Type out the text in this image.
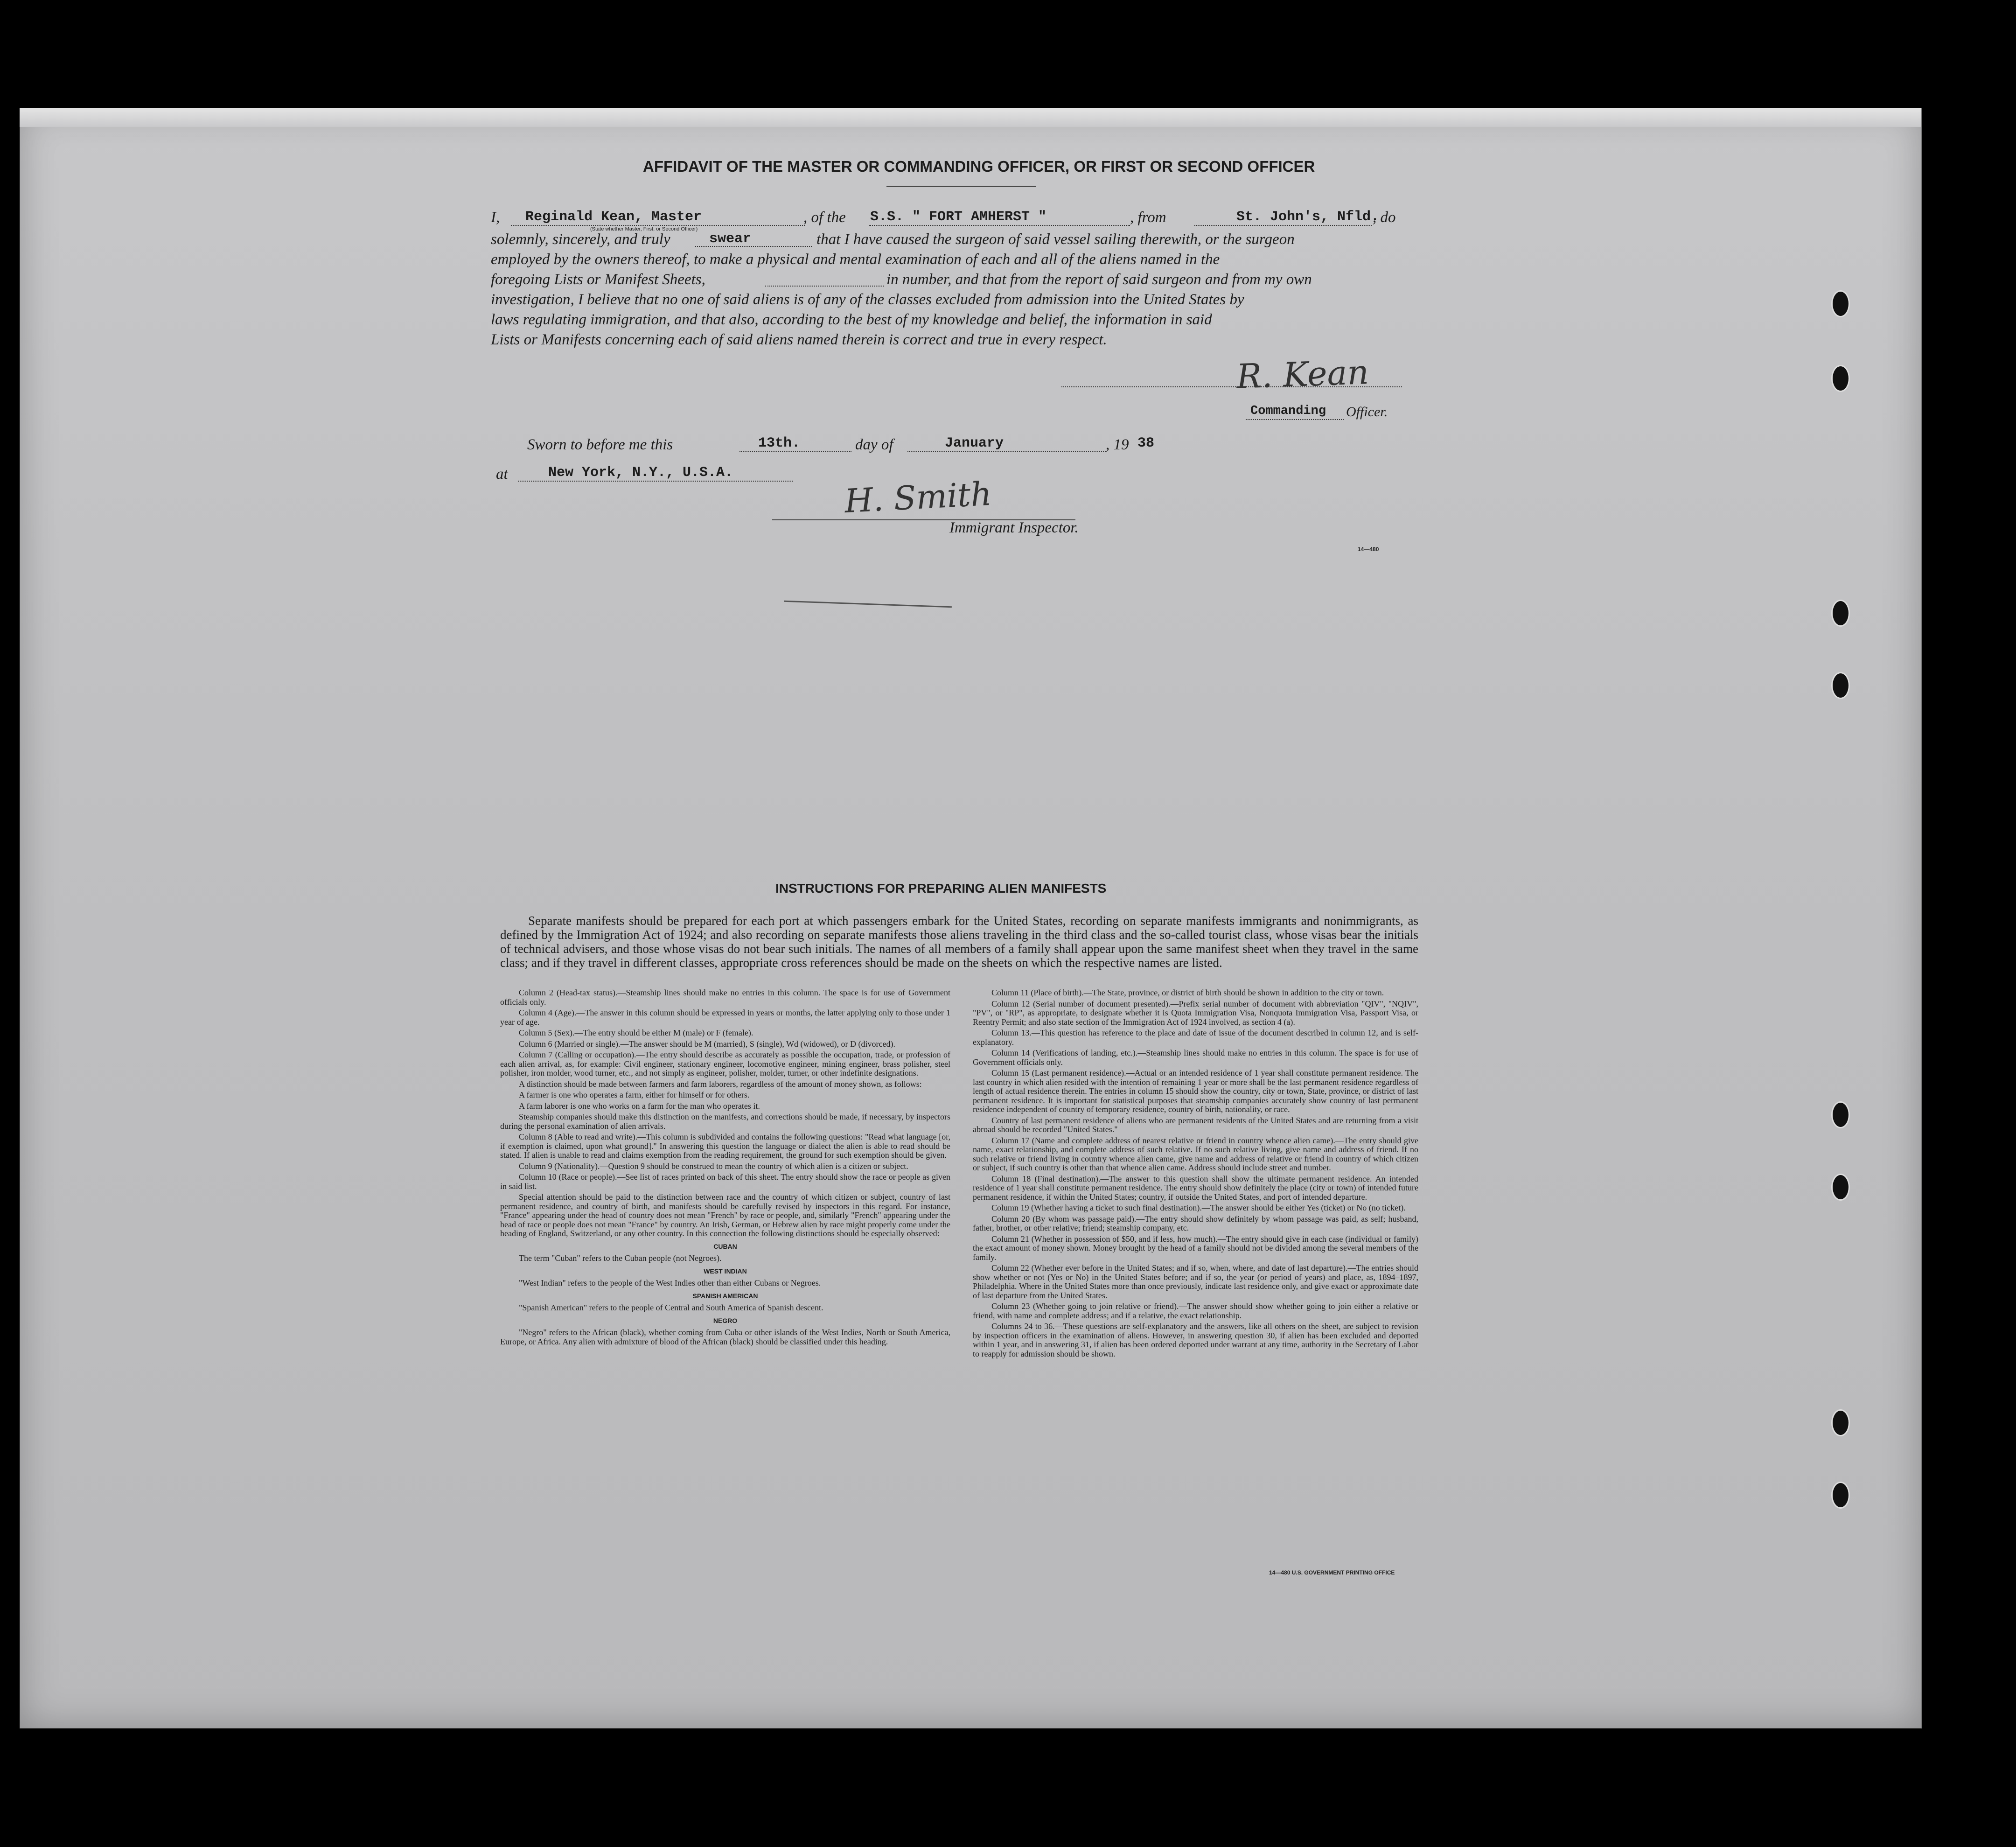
AFFIDAVIT OF THE MASTER OR COMMANDING OFFICER, OR FIRST OR SECOND OFFICER
I, Reginald Kean, Master
(State whether Master, First, or Second Officer)
, of the S.S. " FORT AMHERST "	, from	St. John's, Nfld.
, do
solemnly, sincerely, and truly	swear	that I have caused the surgeon of said vessel sailing therewith, or the surgeon
employed by the owners thereof, to make a physical and mental examination of each and all of the aliens named in the
foregoing Lists or Manifest Sheets,	in number, and that from the report of said surgeon and from my own
investigation, I believe that no one of said aliens is of any of the classes excluded from admission into the United States by
laws regulating immigration, and that also, according to the best of my knowledge and belief, the information in said
Lists or Manifests concerning each of said aliens named therein is correct and true in every respect.
R. Kean
Commanding Officer.
Sworn to before me this	13th.	day of	January	, 19 38
at	New York, N.Y., U.S.A.
H. Smith
Immigrant Inspector.
14—480
INSTRUCTIONS FOR PREPARING ALIEN MANIFESTS
Separate manifests should be prepared for each port at which passengers embark for the United States, recording on separate manifests immigrants and nonimmigrants, as defined by the Immigration Act of 1924; and also recording on separate manifests those aliens traveling in the third class and the so-called tourist class, whose visas bear the initials of technical advisers, and those whose visas do not bear such initials. The names of all members of a family shall appear upon the same manifest sheet when they travel in the same class; and if they travel in different classes, appropriate cross references should be made on the sheets on which the respective names are listed.

Column 2 (Head-tax status).—Steamship lines should make no entries in this column. The space is for use of Government officials only.

Column 4 (Age).—The answer in this column should be expressed in years or months, the latter applying only to those under 1 year of age.

Column 5 (Sex).—The entry should be either M (male) or F (female).

Column 6 (Married or single).—The answer should be M (married), S (single), Wd (widowed), or D (divorced).

Column 7 (Calling or occupation).—The entry should describe as accurately as possible the occupation, trade, or profession of each alien arrival, as, for example: Civil engineer, stationary engineer, locomotive engineer, mining engineer, brass polisher, steel polisher, iron molder, wood turner, etc., and not simply as engineer, polisher, molder, turner, or other indefinite designations.

A distinction should be made between farmers and farm laborers, regardless of the amount of money shown, as follows:

A farmer is one who operates a farm, either for himself or for others.

A farm laborer is one who works on a farm for the man who operates it.

Steamship companies should make this distinction on the manifests, and corrections should be made, if necessary, by inspectors during the personal examination of alien arrivals.

Column 8 (Able to read and write).—This column is subdivided and contains the following questions: "Read what language [or, if exemption is claimed, upon what ground]." In answering this question the language or dialect the alien is able to read should be stated. If alien is unable to read and claims exemption from the reading requirement, the ground for such exemption should be given.

Column 9 (Nationality).—Question 9 should be construed to mean the country of which alien is a citizen or subject.

Column 10 (Race or people).—See list of races printed on back of this sheet. The entry should show the race or people as given in said list.

Special attention should be paid to the distinction between race and the country of which citizen or subject, country of last permanent residence, and country of birth, and manifests should be carefully revised by inspectors in this regard. For instance, "France" appearing under the head of country does not mean "French" by race or people, and, similarly "French" appearing under the head of race or people does not mean "France" by country. An Irish, German, or Hebrew alien by race might properly come under the heading of England, Switzerland, or any other country. In this connection the following distinctions should be especially observed:

CUBAN

The term "Cuban" refers to the Cuban people (not Negroes).

WEST INDIAN

"West Indian" refers to the people of the West Indies other than either Cubans or Negroes.

SPANISH AMERICAN

"Spanish American" refers to the people of Central and South America of Spanish descent.

NEGRO

"Negro" refers to the African (black), whether coming from Cuba or other islands of the West Indies, North or South America, Europe, or Africa. Any alien with admixture of blood of the African (black) should be classified under this heading.

Column 11 (Place of birth).—The State, province, or district of birth should be shown in addition to the city or town.

Column 12 (Serial number of document presented).—Prefix serial number of document with abbreviation "QIV", "NQIV", "PV", or "RP", as appropriate, to designate whether it is Quota Immigration Visa, Nonquota Immigration Visa, Passport Visa, or Reentry Permit; and also state section of the Immigration Act of 1924 involved, as section 4 (a).

Column 13.—This question has reference to the place and date of issue of the document described in column 12, and is self-explanatory.

Column 14 (Verifications of landing, etc.).—Steamship lines should make no entries in this column. The space is for use of Government officials only.

Column 15 (Last permanent residence).—Actual or an intended residence of 1 year shall constitute permanent residence. The last country in which alien resided with the intention of remaining 1 year or more shall be the last permanent residence regardless of length of actual residence therein. The entries in column 15 should show the country, city or town, State, province, or district of last permanent residence. It is important for statistical purposes that steamship companies accurately show country of last permanent residence independent of country of temporary residence, country of birth, nationality, or race.

Country of last permanent residence of aliens who are permanent residents of the United States and are returning from a visit abroad should be recorded "United States."

Column 17 (Name and complete address of nearest relative or friend in country whence alien came).—The entry should give name, exact relationship, and complete address of such relative. If no such relative living, give name and address of friend. If no such relative or friend living in country whence alien came, give name and address of relative or friend in country of which citizen or subject, if such country is other than that whence alien came. Address should include street and number.

Column 18 (Final destination).—The answer to this question shall show the ultimate permanent residence. An intended residence of 1 year shall constitute permanent residence. The entry should show definitely the place (city or town) of intended future permanent residence, if within the United States; country, if outside the United States, and port of intended departure.

Column 19 (Whether having a ticket to such final destination).—The answer should be either Yes (ticket) or No (no ticket).

Column 20 (By whom was passage paid).—The entry should show definitely by whom passage was paid, as self; husband, father, brother, or other relative; friend; steamship company, etc.

Column 21 (Whether in possession of $50, and if less, how much).—The entry should give in each case (individual or family) the exact amount of money shown. Money brought by the head of a family should not be divided among the several members of the family.

Column 22 (Whether ever before in the United States; and if so, when, where, and date of last departure).—The entries should show whether or not (Yes or No) in the United States before; and if so, the year (or period of years) and place, as, 1894–1897, Philadelphia. Where in the United States more than once previously, indicate last residence only, and give exact or approximate date of last departure from the United States.

Column 23 (Whether going to join relative or friend).—The answer should show whether going to join either a relative or friend, with name and complete address; and if a relative, the exact relationship.

Columns 24 to 36.—These questions are self-explanatory and the answers, like all others on the sheet, are subject to revision by inspection officers in the examination of aliens. However, in answering question 30, if alien has been excluded and deported within 1 year, and in answering 31, if alien has been ordered deported under warrant at any time, authority in the Secretary of Labor to reapply for admission should be shown.

14—480 U.S. GOVERNMENT PRINTING OFFICE
